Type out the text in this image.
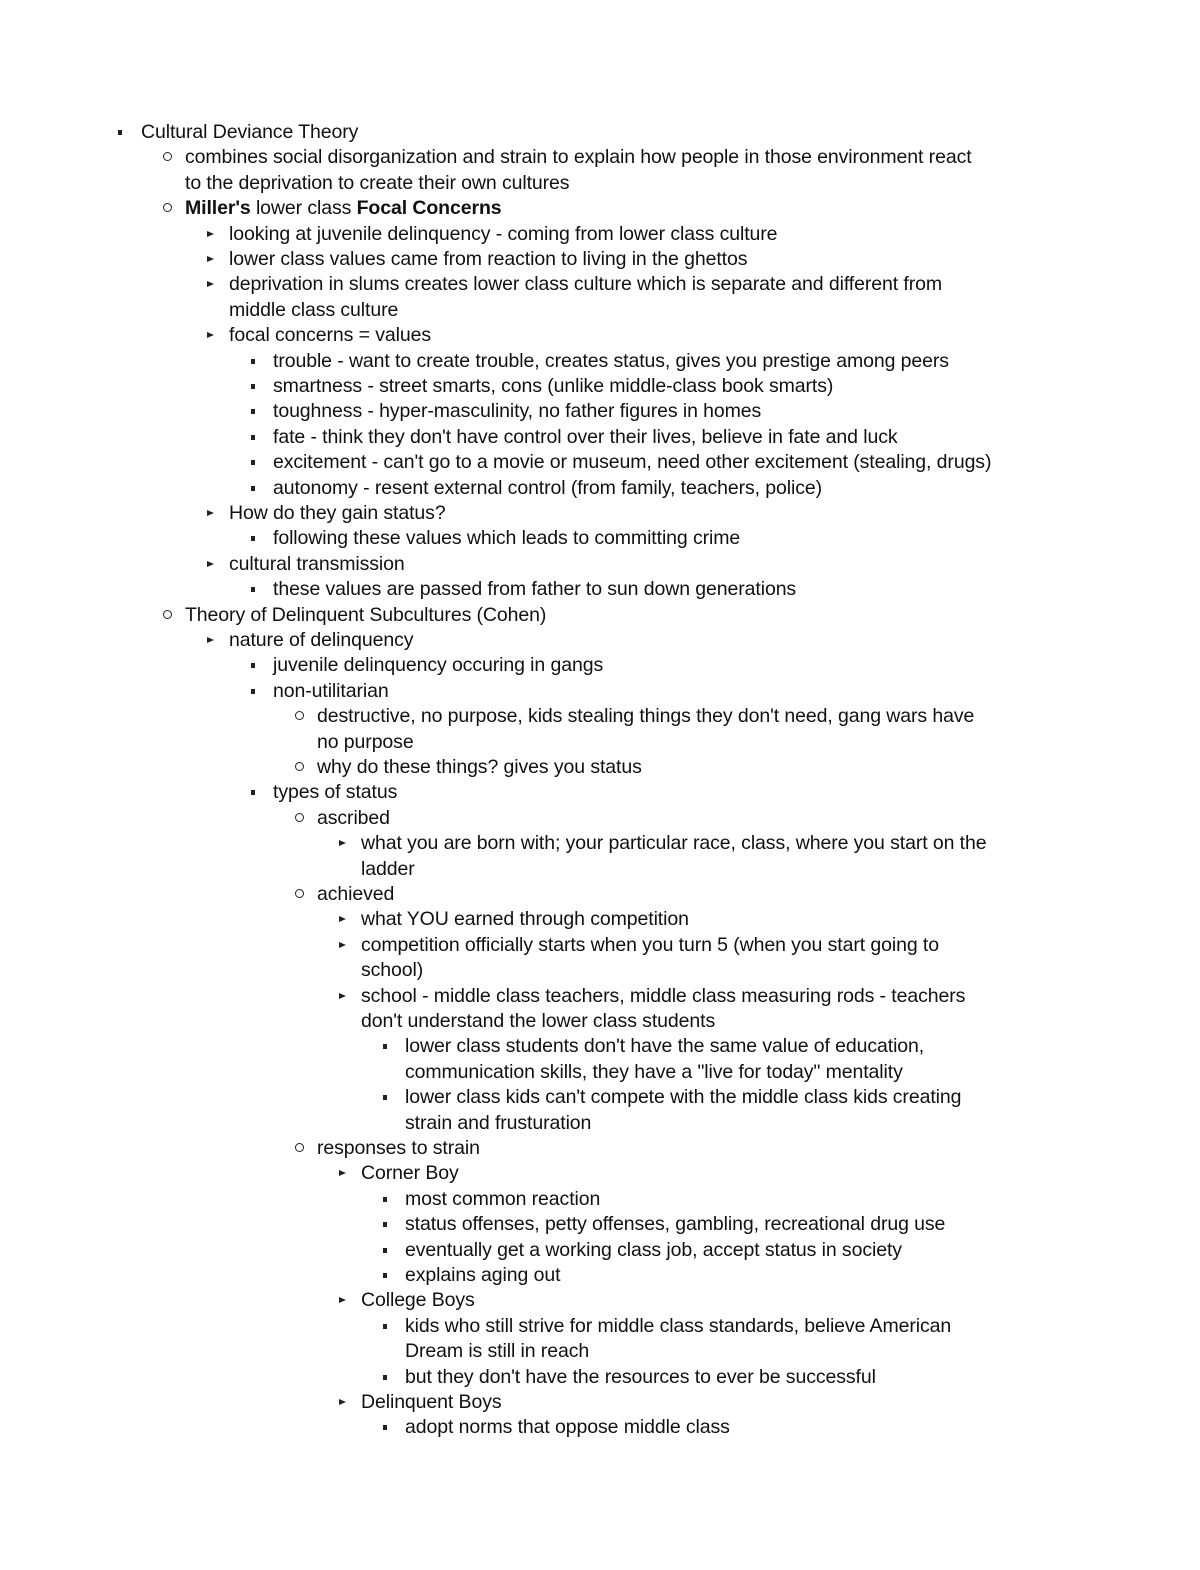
Cultural Deviance Theory
combines social disorganization and strain to explain how people in those environment react
to the deprivation to create their own cultures
Miller's lower class Focal Concerns
looking at juvenile delinquency - coming from lower class culture
lower class values came from reaction to living in the ghettos
deprivation in slums creates lower class culture which is separate and different from
middle class culture
focal concerns = values
trouble - want to create trouble, creates status, gives you prestige among peers
smartness - street smarts, cons (unlike middle-class book smarts)
toughness - hyper-masculinity, no father figures in homes
fate - think they don't have control over their lives, believe in fate and luck
excitement - can't go to a movie or museum, need other excitement (stealing, drugs)
autonomy - resent external control (from family, teachers, police)
How do they gain status?
following these values which leads to committing crime
cultural transmission
these values are passed from father to sun down generations
Theory of Delinquent Subcultures (Cohen)
nature of delinquency
juvenile delinquency occuring in gangs
non-utilitarian
destructive, no purpose, kids stealing things they don't need, gang wars have
no purpose
why do these things? gives you status
types of status
ascribed
what you are born with; your particular race, class, where you start on the
ladder
achieved
what YOU earned through competition
competition officially starts when you turn 5 (when you start going to
school)
school - middle class teachers, middle class measuring rods - teachers
don't understand the lower class students
lower class students don't have the same value of education,
communication skills, they have a "live for today" mentality
lower class kids can't compete with the middle class kids creating
strain and frusturation
responses to strain
Corner Boy
most common reaction
status offenses, petty offenses, gambling, recreational drug use
eventually get a working class job, accept status in society
explains aging out
College Boys
kids who still strive for middle class standards, believe American
Dream is still in reach
but they don't have the resources to ever be successful
Delinquent Boys
adopt norms that oppose middle class
